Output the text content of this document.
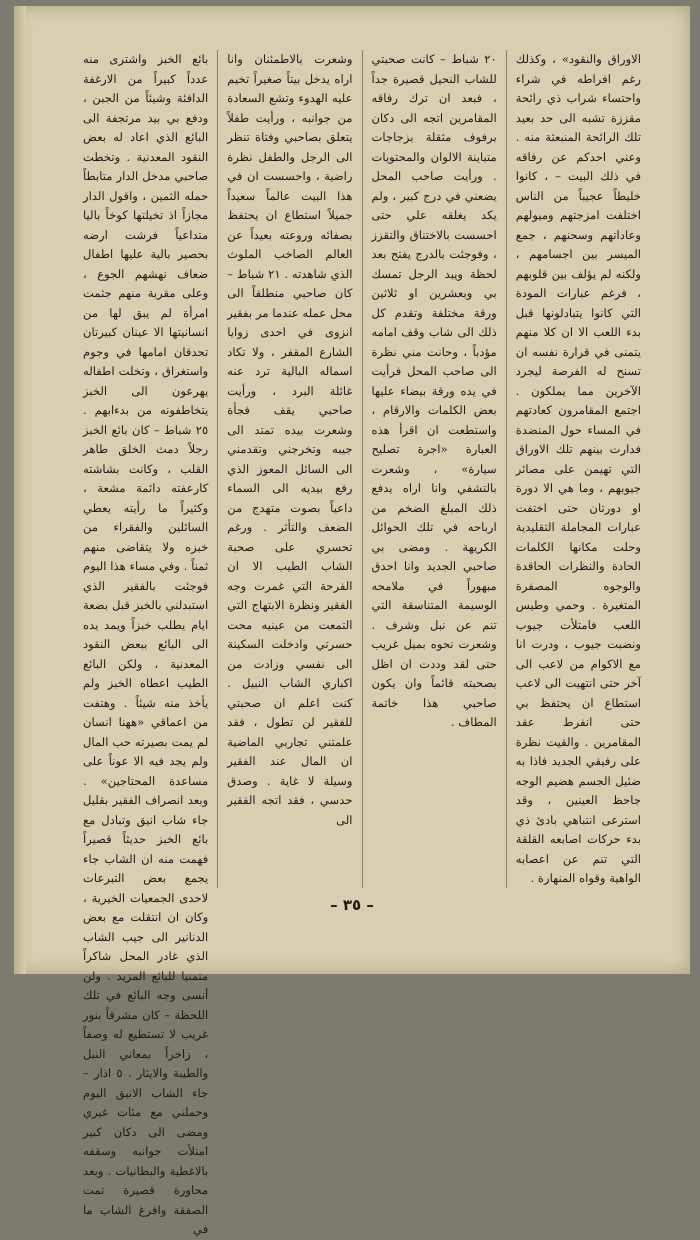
الاوراق والنقود» ، وكذلك رغم افراطه في شراء واحتساء شراب ذي رائحة مقززة تشبه الى حد بعيد تلك الرائحة المنبعثة منه . وعني احدكم عن رفاقه في ذلك البيت – ، كانوا خليطاً عجيباً من الناس اختلفت امزجتهم وميولهم وعاداتهم وسحنهم ، جمع الميسر بين اجسامهم ، ولكنه لم يؤلف بين قلوبهم ، فرغم عبارات المودة التي كانوا يتبادلونها قبل بدء اللعب الا ان كلا منهم يتمنى في قرارة نفسه ان تسنح له الفرصة ليجرد الآخرين مما يملكون . اجتمع المقامرون كعادتهم في المساء حول المنضدة فدارت بينهم تلك الاوراق التي تهيمن على مصائر جيوبهم ، وما هي الا دورة او دورتان حتى اختفت عبارات المجاملة التقليدية وحلت مكانها الكلمات الحادة والنظرات الحاقدة والوجوه المصفرة المتغيرة . وحمي وطيس اللعب فامتلأت جيوب ونضبت جيوب ، ودرت انا مع الاكوام من لاعب الى آخر حتى انتهيت الى لاعب استطاع ان يحتفظ بي حتى انفرط عقد المقامرين . والقيت نظرة على رفيقي الجديد فاذا به ضئيل الجسم هضيم الوجه جاحظ العينين ، وقد استرعى انتباهي بادئ ذي بدء حركات اصابعه القلقة التي تنم عن اعصابه الواهية وقواه المنهارة .

٢٠ شباط – كانت صحبتي للشاب النحيل قصيرة جداً ، فبعد ان ترك رفاقه المقامرين اتجه الى دكان برفوف مثقلة بزجاجات متباينة الالوان والمحتويات . ورأيت صاحب المحل يضعني في درج كبير ، ولم يكد يغلقه علي حتى احسست بالاختناق والتقزز ، وفوجئت بالدرج يفتح بعد لحظة ويبد الرجل تمسك بي وبعشرين او ثلاثين ورقة مختلفة وتقدم كل ذلك الى شاب وقف امامه مؤدباً ، وحانت مني نظرة الى صاحب المحل فرأيت في يده ورقة بيضاء عليها بعض الكلمات والارقام ، واستطعت ان اقرأ هذه العبارة «اجرة تصليح سيارة» ، وشعرت بالتشفي وانا اراه يدفع ذلك المبلغ الضخم من ارباحه في تلك الحوائل الكريهة . ومضى بي صاحبي الجديد وانا احدق مبهوراً في ملامحه الوسيمة المتناسقة التي تنم عن نبل وشرف . وشعرت نحوه بميل غريب حتى لقد وددت ان اظل بصحبته قائماً وان يكون صاحبي هذا خاتمة المطاف .

وشعرت بالاطمئنان وانا اراه يدخل بيتاً صغيراً تخيم عليه الهدوء وتشع السعادة من جوانبه ، ورأيت طفلاً يتعلق بصاحبي وفتاة تنظر الى الرجل والطفل نظرة راضية ، واحسست ان في هذا البيت عالماً سعيداً جميلاً استطاع ان يحتفظ بصفائه وروعته بعيداً عن العالم الصاخب الملوث الذي شاهدته . ٢١ شباط – كان صاحبي منطلقاً الى محل عمله عندما مر بفقير انزوى في احدى زوايا الشارع المقفر ، ولا تكاد اسماله البالية ترد عنه غائلة البرد ، ورأيت صاحبي يقف فجأة وشعرت بيده تمتد الى جيبه وتخرجني وتقدمني الى السائل المعوز الذي رفع بيديه الى السماء داعياً بصوت متهدج من الضعف والتأثر . ورغم تحسري على صحبة الشاب الطيب الا ان الفرحة التي غمرت وجه الفقير ونظرة الابتهاج التي التمعت من عينيه محت حسرتي وادخلت السكينة الى نفسي وزادت من اكباري الشاب النبيل . كنت اعلم ان صحبتي للفقير لن تطول ، فقد علمتني تجاربي الماضية ان المال عند الفقير وسيلة لا غاية . وصدق حدسي ، فقد اتجه الفقير الى

بائع الخبز واشترى منه عدداً كبيراً من الارغفة الدافئة وشيئاً من الجبن ، ودفع بي بيد مرتجفة الى البائع الذي اعاد له بعض النقود المعدنية . وتخطت صاحبي مدخل الدار متابطاً حمله الثمين ، واقول الدار مجازاً اذ تخيلتها كوخاً باليا متداعياً فرشت ارضه بحصير بالية عليها اطفال ضعاف نهشهم الجوع ، وعلى مقربة منهم جثمت امرأة لم يبق لها من انسانيتها الا عينان كبيرتان تحدقان امامها في وجوم واستغراق ، وتخلت اطفاله يهرعون الى الخبز يتخاطفونه من بدءابهم . ٢٥ شباط – كان بائع الخبز رجلاً دمث الخلق طاهر القلب ، وكانت بشاشته كارعفته دائمة مشعة ، وكثيراً ما رأيته يعطي السائلين والفقراء من خبزه ولا يتقاضى منهم ثمناً . وفي مساء هذا اليوم فوجئت بالفقير الذي استبدلني بالخبز قبل بضعة ايام يطلب خبزاً ويمد يده الى البائع ببعض النقود المعدنية ، ولكن البائع الطيب اعطاه الخبز ولم يأخذ منه شيئاً . وهتفت من اعماقي «ههنا انسان لم يمت بصيرته حب المال ولم يجد فيه الا عوناً على مساعدة المحتاجين» . وبعد انصراف الفقير بقليل جاء شاب انيق وتبادل مع بائع الخبز حديثاً قصيراً فهمت منه ان الشاب جاء يجمع بعض التبرعات لاحدى الجمعيات الخيرية ، وكان ان انتقلت مع بعض الدنانير الى جيب الشاب الذي غادر المحل شاكراً متمنيا للبائع المزيد . ولن أنسى وجه البائع في تلك اللحظة – كان مشرقاً بنور غريب لا تستطيع له وصفاً ، زاخراً بمعاني النبل والطيبة والايثار . ٥ اذار – جاء الشاب الانيق اليوم وحملني مع مئات غيري ومضى الى دكان كبير امتلأت جوانبه وسقفه بالاغطية والبطانيات . وبعد محاورة قصيرة تمت الصفقة وافرغ الشاب ما في

– ٣٥ –
